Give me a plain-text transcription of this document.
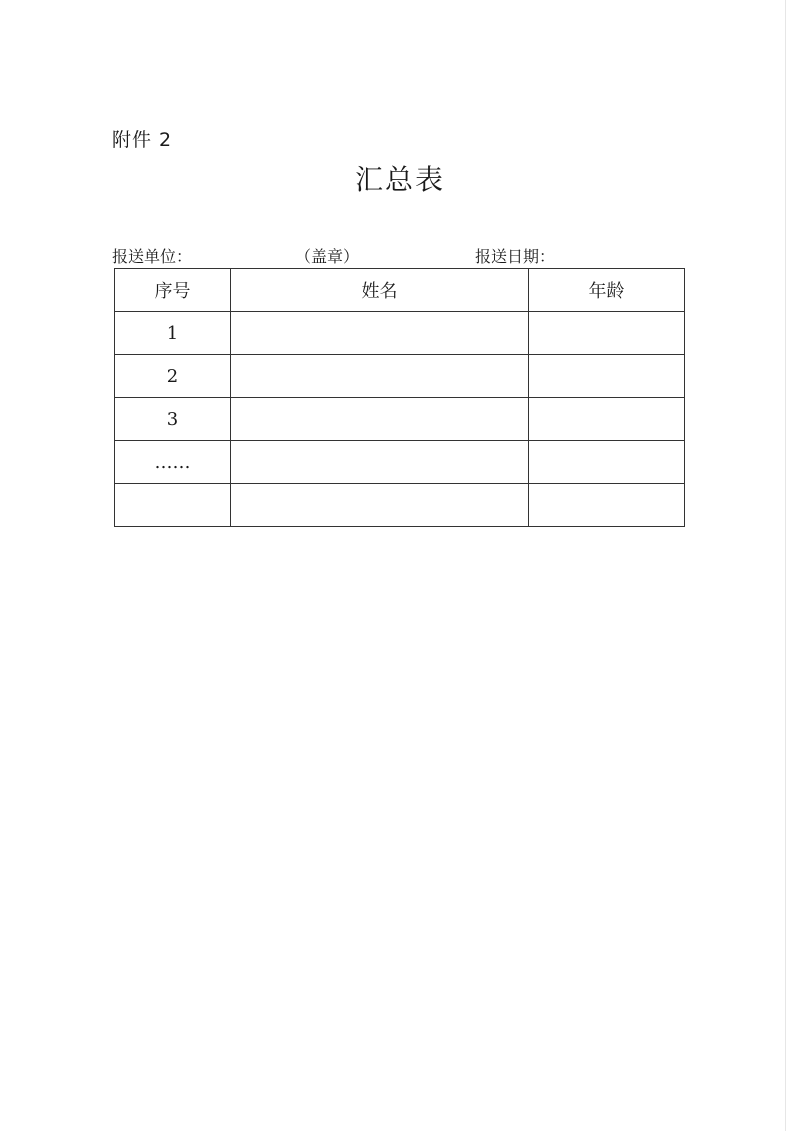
附件 2
汇总表
报送单位：	（盖章）	报送日期：
序号	姓名	年龄
1		
2		
3		
……		
